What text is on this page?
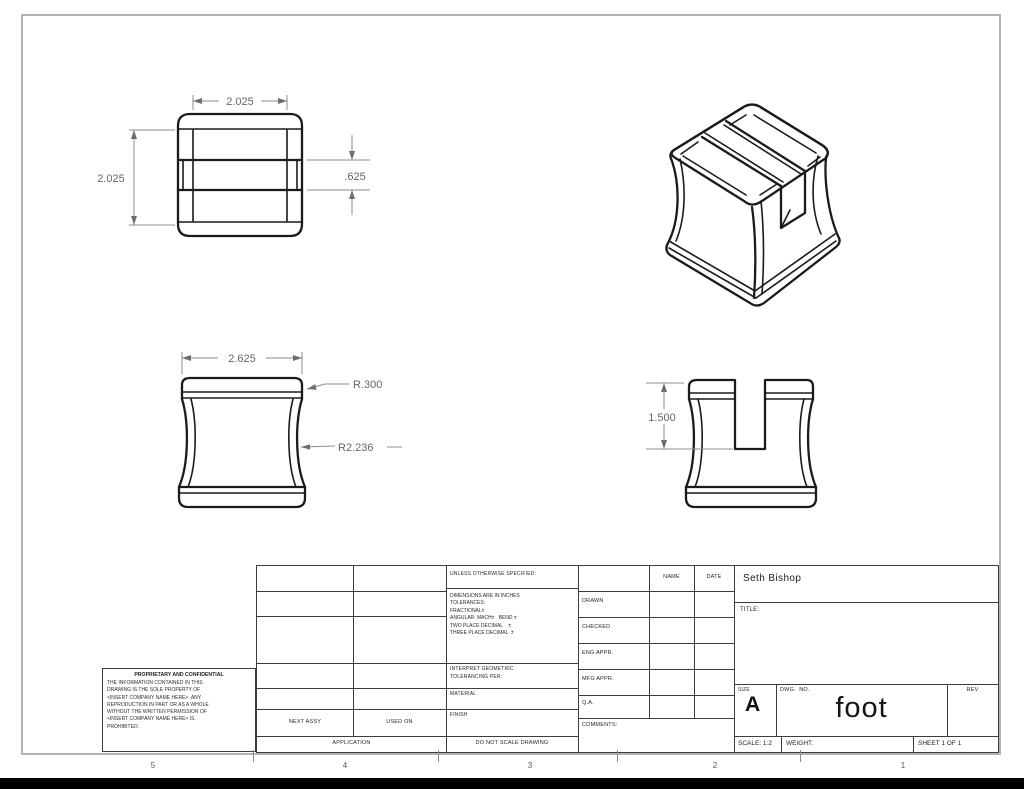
2.025
2.025	.625
2.625
R.300
R2.236
1.500
PROPRIETARY AND CONFIDENTIAL
THE INFORMATION CONTAINED IN THIS
DRAWING IS THE SOLE PROPERTY OF
<INSERT COMPANY NAME HERE>. ANY
REPRODUCTION IN PART OR AS A WHOLE
WITHOUT THE WRITTEN PERMISSION OF
<INSERT COMPANY NAME HERE> IS
PROHIBITED.
NEXT ASSY	USED ON
APPLICATION
UNLESS OTHERWISE SPECIFIED:
DIMENSIONS ARE IN INCHES
TOLERANCES:
FRACTIONAL±
ANGULAR: MACH±   BEND ±
TWO PLACE DECIMAL    ±
THREE PLACE DECIMAL  ±
INTERPRET GEOMETRIC
TOLERANCING PER:
MATERIAL
FINISH
DO NOT SCALE DRAWING
NAME	DATE
DRAWN
CHECKED
ENG APPR.
MFG APPR.
Q.A.
COMMENTS:
Seth Bishop
TITLE:
SIZE
A
DWG.  NO.
foot
REV
SCALE: 1:2 WEIGHT:	SHEET 1 OF 1
5	4	3	2	1
